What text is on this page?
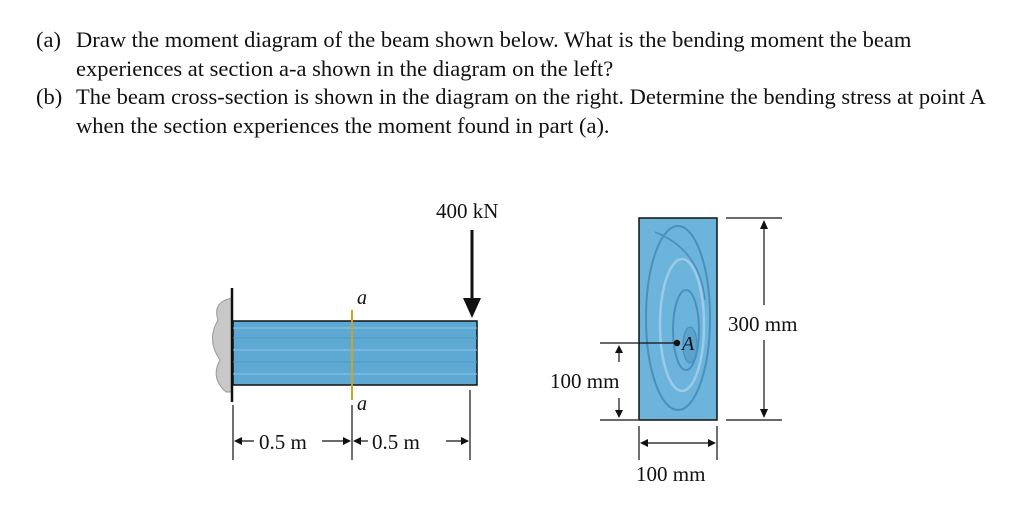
(a) Draw the moment diagram of the beam shown below. What is the bending moment the beam experiences at section a-a shown in the diagram on the left?
(b) The beam cross-section is shown in the diagram on the right. Determine the bending stress at point A when the section experiences the moment found in part (a).
a
a
400 kN
0.5 m	0.5 m
A
300 mm
100 mm
100 mm
